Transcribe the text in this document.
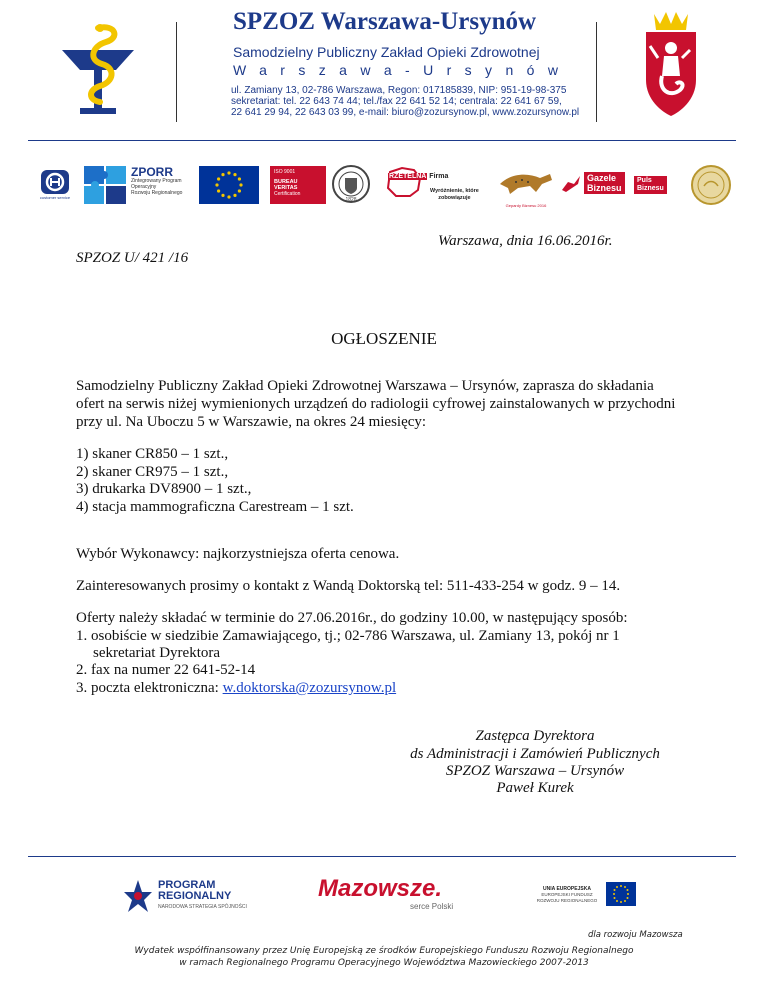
SPZOZ Warszawa-Ursynów
Samodzielny Publiczny Zakład Opieki Zdrowotnej
Warszawa-Ursynów
ul. Zamiany 13, 02-786 Warszawa, Regon: 017185839, NIP: 951-19-98-375
sekretariat: tel. 22 643 74 44; tel./fax 22 641 52 14; centrala: 22 641 67 59,
22 641 29 94, 22 643 03 99, e-mail: biuro@zozursynow.pl, www.zozursynow.pl
customer service
ZPORR
Zintegrowany Program
Operacyjny
Rozwoju Regionalnego
ISO 9001
BUREAU VERITAS
Certification
1828
RZETELNA Firma
Wyróżnienie, które
zobowiązuje
Gepardy Biznesu 2016
Gazele
Biznesu
Puls
Biznesu
Warszawa, dnia 16.06.2016r.
SPZOZ U/ 421 /16
OGŁOSZENIE
Samodzielny Publiczny Zakład Opieki Zdrowotnej Warszawa – Ursynów, zaprasza do składania
ofert na serwis niżej wymienionych urządzeń do radiologii cyfrowej zainstalowanych w przychodni
przy ul. Na Uboczu 5 w Warszawie, na okres 24 miesięcy:
1) skaner CR850 – 1 szt.,
2) skaner CR975 – 1 szt.,
3) drukarka DV8900 – 1 szt.,
4) stacja mammograficzna Carestream – 1 szt.
Wybór Wykonawcy: najkorzystniejsza oferta cenowa.
Zainteresowanych prosimy o kontakt z Wandą Doktorską tel: 511-433-254 w godz. 9 – 14.
Oferty należy składać w terminie do 27.06.2016r., do godziny 10.00, w następujący sposób:
1. osobiście w siedzibie Zamawiającego, tj.; 02-786 Warszawa, ul. Zamiany 13, pokój nr 1
sekretariat Dyrektora
2. fax na numer 22 641-52-14
3. poczta elektroniczna: w.doktorska@zozursynow.pl
Zastępca Dyrektora
ds Administracji i Zamówień Publicznych
SPZOZ Warszawa – Ursynów
Paweł Kurek
PROGRAM
REGIONALNY
NARODOWA STRATEGIA SPÓJNOŚCI
Mazowsze.
serce Polski
UNIA EUROPEJSKA
EUROPEJSKI FUNDUSZ
ROZWOJU REGIONALNEGO
dla rozwoju Mazowsza
Wydatek współfinansowany przez Unię Europejską ze środków Europejskiego Funduszu Rozwoju Regionalnego
w ramach Regionalnego Programu Operacyjnego Województwa Mazowieckiego 2007-2013
